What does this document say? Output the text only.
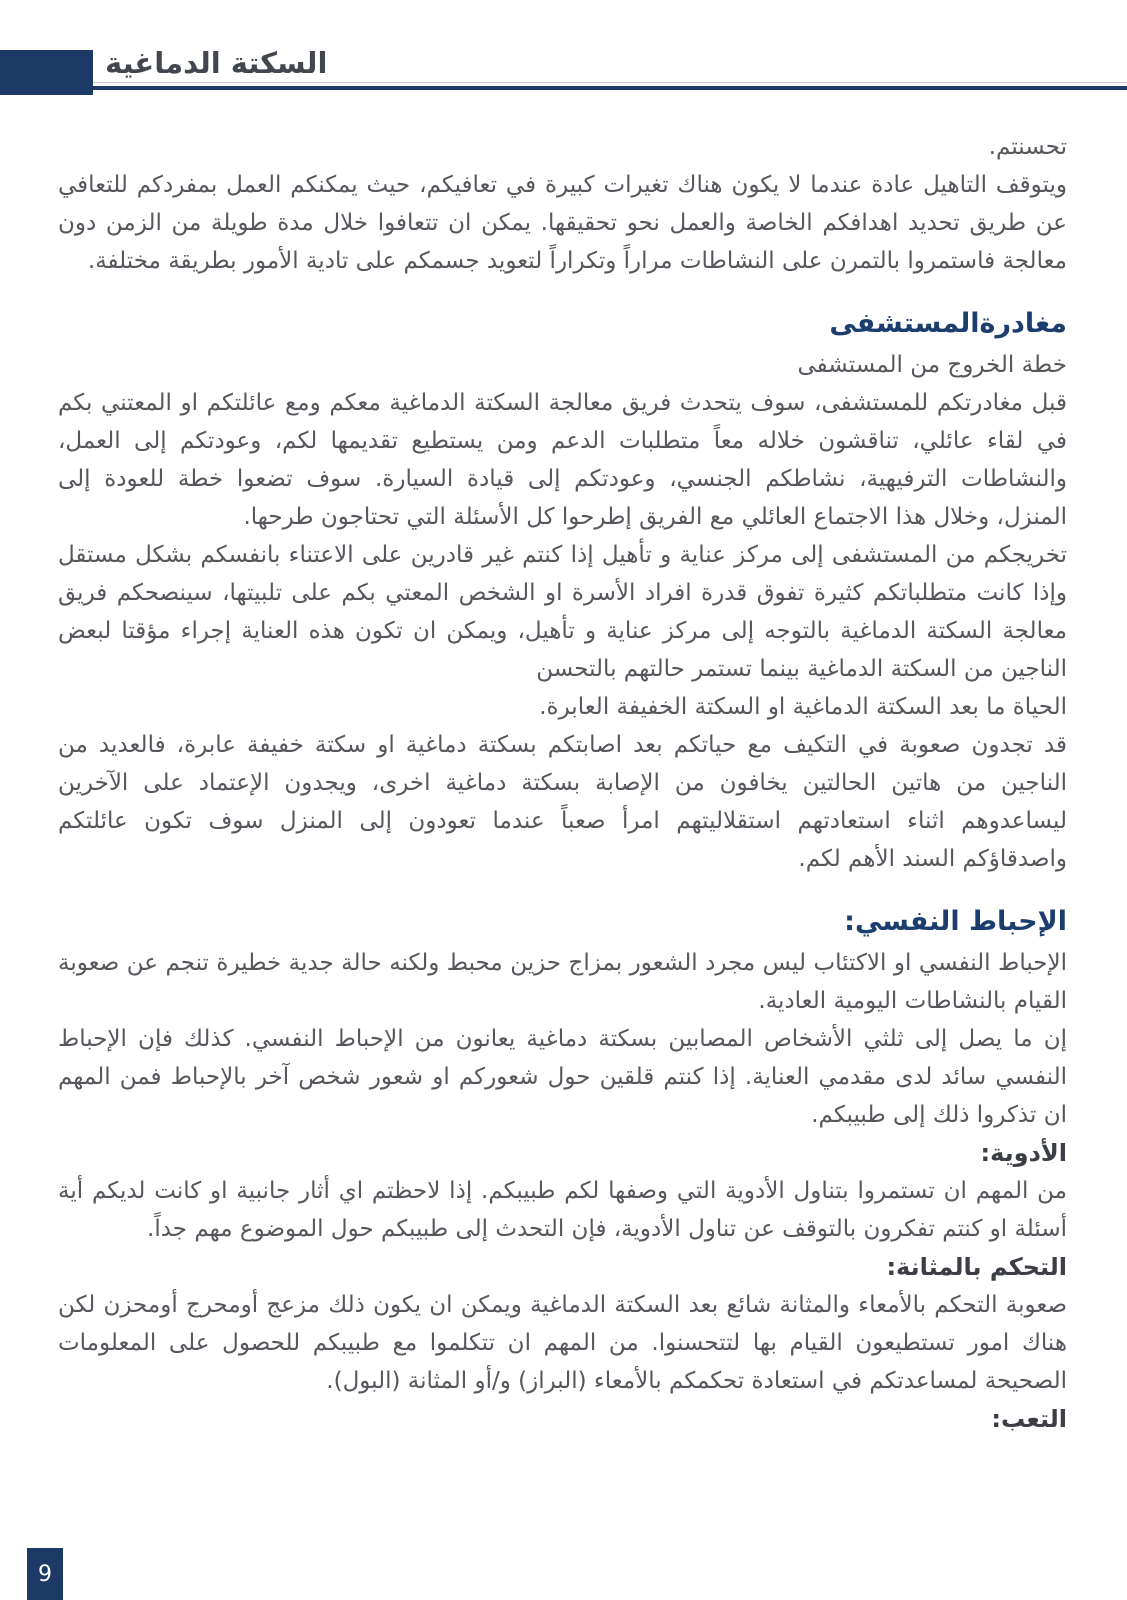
السكتة الدماغية
تحسنتم.
ويتوقف التاهيل عادة عندما لا يكون هناك تغيرات كبيرة في تعافيكم، حيث يمكنكم العمل بمفردكم للتعافي عن طريق تحديد اهدافكم الخاصة والعمل نحو تحقيقها. يمكن ان تتعافوا خلال مدة طويلة من الزمن دون معالجة فاستمروا بالتمرن على النشاطات مراراً وتكراراً لتعويد جسمكم على تادية الأمور بطريقة مختلفة.
مغادرةالمستشفى
خطة الخروج من المستشفى
قبل مغادرتكم للمستشفى، سوف يتحدث فريق معالجة السكتة الدماغية معكم ومع عائلتكم او المعتني بكم في لقاء عائلي، تناقشون خلاله معاً متطلبات الدعم ومن يستطيع تقديمها لكم، وعودتكم إلى العمل، والنشاطات الترفيهية، نشاطكم الجنسي، وعودتكم إلى قيادة السيارة. سوف تضعوا خطة للعودة إلى المنزل، وخلال هذا الاجتماع العائلي مع الفريق إطرحوا كل الأسئلة التي تحتاجون طرحها.
تخريجكم من المستشفى إلى مركز عناية و تأهيل إذا كنتم غير قادرين على الاعتناء بانفسكم بشكل مستقل وإذا كانت متطلباتكم كثيرة تفوق قدرة افراد الأسرة او الشخص المعتي بكم على تلبيتها، سينصحكم فريق معالجة السكتة الدماغية بالتوجه إلى مركز عناية و تأهيل، ويمكن ان تكون هذه العناية إجراء مؤقتا لبعض الناجين من السكتة الدماغية بينما تستمر حالتهم بالتحسن
الحياة ما بعد السكتة الدماغية او السكتة الخفيفة العابرة.
قد تجدون صعوبة في التكيف مع حياتكم بعد اصابتكم بسكتة دماغية او سكتة خفيفة عابرة، فالعديد من الناجين من هاتين الحالتين يخافون من الإصابة بسكتة دماغية اخرى، ويجدون الإعتماد على الآخرين ليساعدوهم اثناء استعادتهم استقلاليتهم امرأ صعباً عندما تعودون إلى المنزل سوف تكون عائلتكم واصدقاؤكم السند الأهم لكم.
الإحباط النفسي:
الإحباط النفسي او الاكتئاب ليس مجرد الشعور بمزاج حزين محبط ولكنه حالة جدية خطيرة تنجم عن صعوبة القيام بالنشاطات اليومية العادية.
إن ما يصل إلى ثلثي الأشخاص المصابين بسكتة دماغية يعانون من الإحباط النفسي. كذلك فإن الإحباط النفسي سائد لدى مقدمي العناية. إذا كنتم قلقين حول شعوركم او شعور شخص آخر بالإحباط فمن المهم ان تذكروا ذلك إلى طبيبكم.
الأدوية:
من المهم ان تستمروا بتناول الأدوية التي وصفها لكم طبيبكم. إذا لاحظتم اي أثار جانبية او كانت لديكم أية أسئلة او كنتم تفكرون بالتوقف عن تناول الأدوية، فإن التحدث إلى طبيبكم حول الموضوع مهم جداً.
التحكم بالمثانة:
صعوبة التحكم بالأمعاء والمثانة شائع بعد السكتة الدماغية ويمكن ان يكون ذلك مزعج أومحرج أومحزن لكن هناك امور تستطيعون القيام بها لتتحسنوا. من المهم ان تتكلموا مع طبيبكم للحصول على المعلومات الصحيحة لمساعدتكم في استعادة تحكمكم بالأمعاء (البراز) و/أو المثانة (البول).
التعب:
9
